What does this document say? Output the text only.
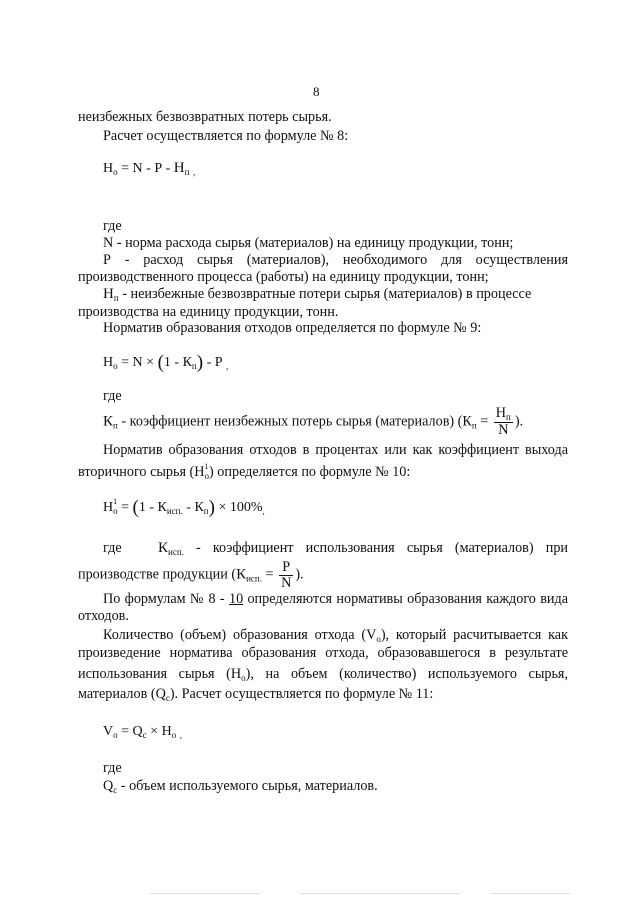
8
неизбежных безвозвратных потерь сырья.
Расчет осуществляется по формуле № 8:
$Н_о = N - Р - Н_п$ $_,$
где
N - норма расхода сырья (материалов) на единицу продукции, тонн;
Р - расход сырья (материалов), необходимого для осуществления
производственного процесса (работы) на единицу продукции, тонн;
$Н_п$ - неизбежные безвозвратные потери сырья (материалов) в процессе
производства на единицу продукции, тонн.
Норматив образования отходов определяется по формуле № 9:
$Н_о = N \times (1 - К_п) - Р$ $_,$
где
$К_п$ - коэффициент неизбежных потерь сырья (материалов) ($К_п = \frac{Н_п}{N}$ ).
Норматив образования отходов в процентах или как коэффициент выхода
вторичного сырья $(Н^1_о)$ определяется по формуле № 10:
$Н^1_о = (1 - К_{исп.} - К_п) \times 100\%_,$
где $К_{исп.}$ - коэффициент использования сырья (материалов) при
производстве продукции ($К_{исп.} = \frac{Р}{N}$ ).
По формулам № 8 - 10 определяются нормативы образования каждого вида
отходов.
Количество (объем) образования отхода $(V_о)$, который расчитывается как
произведение норматива образования отхода, образовавшегося в результате
использования сырья $(Н_о)$, на объем (количество) используемого сырья,
материалов $(Q_с)$. Расчет осуществляется по формуле № 11:
$V_о = Q_с \times Н_о$ $_,$
где
$Q_с$ - объем используемого сырья, материалов.
